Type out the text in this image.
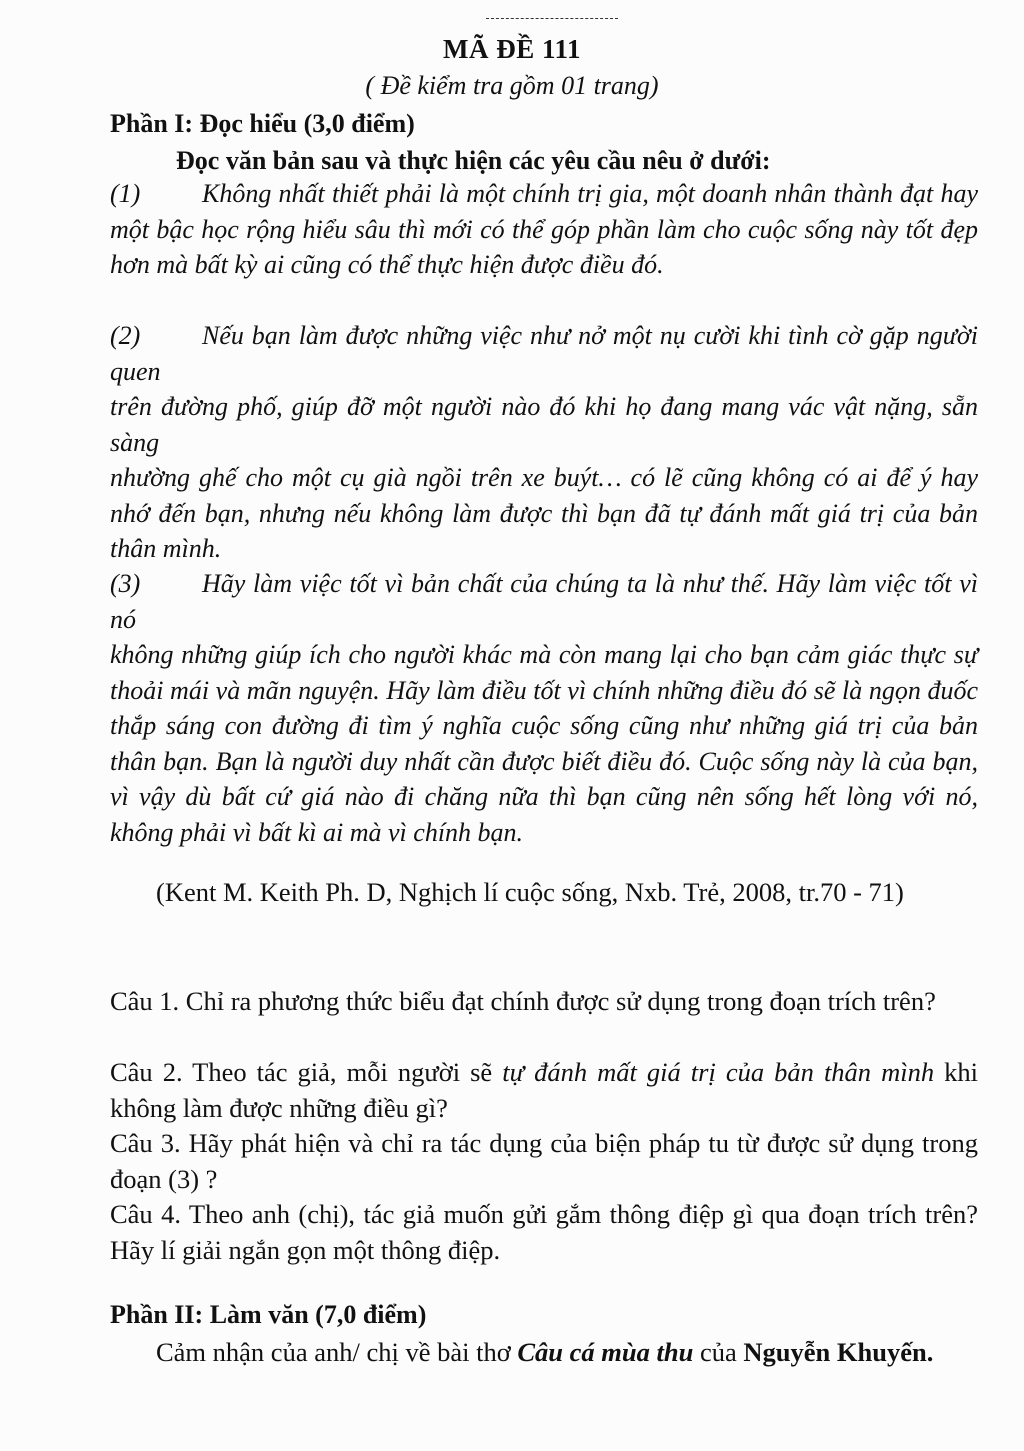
MÃ ĐỀ 111
( Đề kiểm tra gồm 01 trang)
Phần I: Đọc hiểu (3,0 điểm)
Đọc văn bản sau và thực hiện các yêu cầu nêu ở dưới:
(1) Không nhất thiết phải là một chính trị gia, một doanh nhân thành đạt hay một bậc học rộng hiểu sâu thì mới có thể góp phần làm cho cuộc sống này tốt đẹp hơn mà bất kỳ ai cũng có thể thực hiện được điều đó.
(2) Nếu bạn làm được những việc như nở một nụ cười khi tình cờ gặp người quen
trên đường phố, giúp đỡ một người nào đó khi họ đang mang vác vật nặng, sẵn sàng
nhường ghế cho một cụ già ngồi trên xe buýt… có lẽ cũng không có ai để ý hay nhớ đến bạn, nhưng nếu không làm được thì bạn đã tự đánh mất giá trị của bản thân mình.
(3) Hãy làm việc tốt vì bản chất của chúng ta là như thế. Hãy làm việc tốt vì nó
không những giúp ích cho người khác mà còn mang lại cho bạn cảm giác thực sự thoải mái và mãn nguyện. Hãy làm điều tốt vì chính những điều đó sẽ là ngọn đuốc thắp sáng con đường đi tìm ý nghĩa cuộc sống cũng như những giá trị của bản thân bạn. Bạn là người duy nhất cần được biết điều đó. Cuộc sống này là của bạn, vì vậy dù bất cứ giá nào đi chăng nữa thì bạn cũng nên sống hết lòng với nó, không phải vì bất kì ai mà vì chính bạn.
(Kent M. Keith Ph. D, Nghịch lí cuộc sống, Nxb. Trẻ, 2008, tr.70 - 71)
Câu 1. Chỉ ra phương thức biểu đạt chính được sử dụng trong đoạn trích trên?
Câu 2. Theo tác giả, mỗi người sẽ tự đánh mất giá trị của bản thân mình khi không làm được những điều gì?
Câu 3. Hãy phát hiện và chỉ ra tác dụng của biện pháp tu từ được sử dụng trong đoạn (3) ?
Câu 4. Theo anh (chị), tác giả muốn gửi gắm thông điệp gì qua đoạn trích trên? Hãy lí giải ngắn gọn một thông điệp.
Phần II: Làm văn (7,0 điểm)
Cảm nhận của anh/ chị về bài thơ Câu cá mùa thu của Nguyễn Khuyến.
